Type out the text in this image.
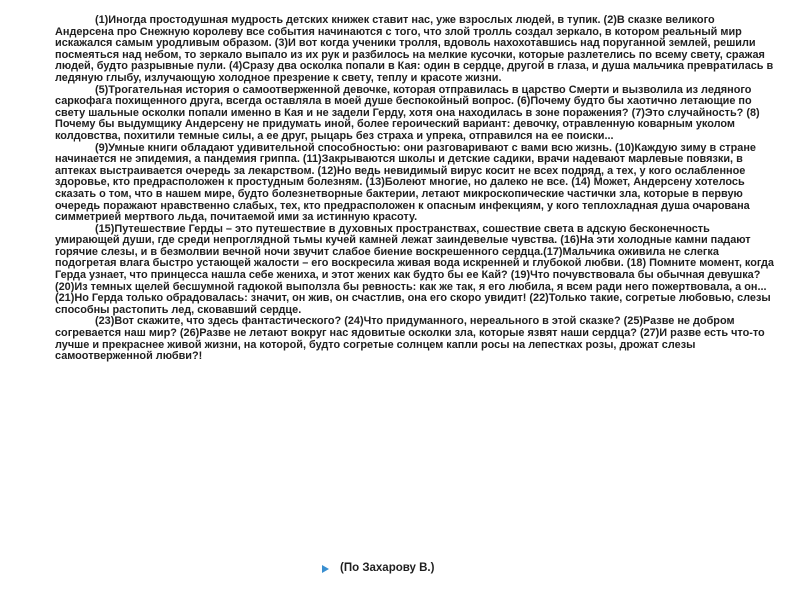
(1)Иногда простодушная мудрость детских книжек ставит нас, уже взрослых людей, в тупик. (2)В сказке великого Андерсена про Снежную королеву все события начинаются с того, что злой тролль создал зеркало, в котором реальный мир искажался самым уродливым образом. (3)И вот когда ученики тролля, вдоволь нахохотавшись над поруганной землей, решили посмеяться над небом, то зеркало выпало из их рук и разбилось на мелкие кусочки, которые разлетелись по всему свету, сражая людей, будто разрывные пули. (4)Сразу два осколка попали в Кая: один в сердце, другой в глаза, и душа мальчика превратилась в ледяную глыбу, излучающую холодное презрение к свету, теплу и красоте жизни.

(5)Трогательная история о самоотверженной девочке, которая отправилась в царство Смерти и вызволила из ледяного саркофага похищенного друга, всегда оставляла в моей душе беспокойный вопрос. (6)Почему будто бы хаотично летающие по свету шальные осколки попали именно в Кая и не задели Герду, хотя она находилась в зоне поражения? (7)Это случайность? (8) Почему бы выдумщику Андерсену не придумать иной, более героический вариант: девочку, отравленную коварным уколом колдовства, похитили темные силы, а ее друг, рыцарь без страха и упрека, отправился на ее поиски...

(9)Умные книги обладают удивительной способностью: они разговаривают с вами всю жизнь. (10)Каждую зиму в стране начинается не эпидемия, а пандемия гриппа. (11)Закрываются школы и детские садики, врачи надевают марлевые повязки, в аптеках выстраивается очередь за лекарством. (12)Но ведь невидимый вирус косит не всех подряд, а тех, у кого ослабленное здоровье, кто предрасположен к простудным болезням. (13)Болеют многие, но далеко не все. (14) Может, Андерсену хотелось сказать о том, что в нашем мире, будто болезнетворные бактерии, летают микроскопические частички зла, которые в первую очередь поражают нравственно слабых, тех, кто предрасположен к опасным инфекциям, у кого теплохладная душа очарована симметрией мертвого льда, почитаемой ими за истинную красоту.

(15)Путешествие Герды – это путешествие в духовных пространствах, сошествие света в адскую бесконечность умирающей души, где среди непроглядной тьмы кучей камней лежат заиндевелые чувства. (16)На эти холодные камни падают горячие слезы, и в безмолвии вечной ночи звучит слабое биение воскрешенного сердца.(17)Мальчика оживила не слегка подогретая влага быстро устающей жалости – его воскресила живая вода искренней и глубокой любви. (18) Помните момент, когда Герда узнает, что принцесса нашла себе жениха, и этот жених как будто бы ее Кай? (19)Что почувствовала бы обычная девушка? (20)Из темных щелей бесшумной гадюкой выползла бы ревность: как же так, я его любила, я всем ради него пожертвовала, а он...(21)Но Герда только обрадовалась: значит, он жив, он счастлив, она его скоро увидит! (22)Только такие, согретые любовью, слезы способны растопить лед, сковавший сердце.

(23)Вот скажите, что здесь фантастического? (24)Что придуманного, нереального в этой сказке? (25)Разве не добром согревается наш мир? (26)Разве не летают вокруг нас ядовитые осколки зла, которые язвят наши сердца? (27)И разве есть что-то лучше и прекраснее живой жизни, на которой, будто согретые солнцем капли росы на лепестках розы, дрожат слезы самоотверженной любви?!

(По Захарову В.)
